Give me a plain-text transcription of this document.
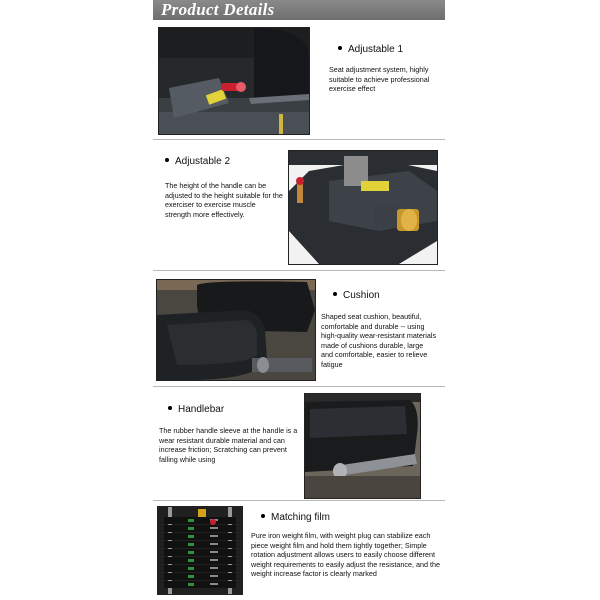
Product Details
Adjustable 1
Seat adjustment system, highly suitable to achieve professional exercise effect
Adjustable 2
The height of the handle can be adjusted to the height suitable for the exerciser to exercise muscle strength more effectively.
Cushion
Shaped seat cushion, beautiful, comfortable and durable -- using high-quality wear-resistant materials made of cushions durable, large and comfortable, easier to relieve fatigue
Handlebar
The rubber handle sleeve at the handle is a wear resistant durable material and can increase friction; Scratching can prevent falling while using
Matching film
Pure iron weight film, with weight plug can stabilize each piece weight film and hold them tightly together; Simple rotation adjustment allows users to easily choose different weight requirements to easily adjust the resistance, and the weight increase factor is clearly marked
